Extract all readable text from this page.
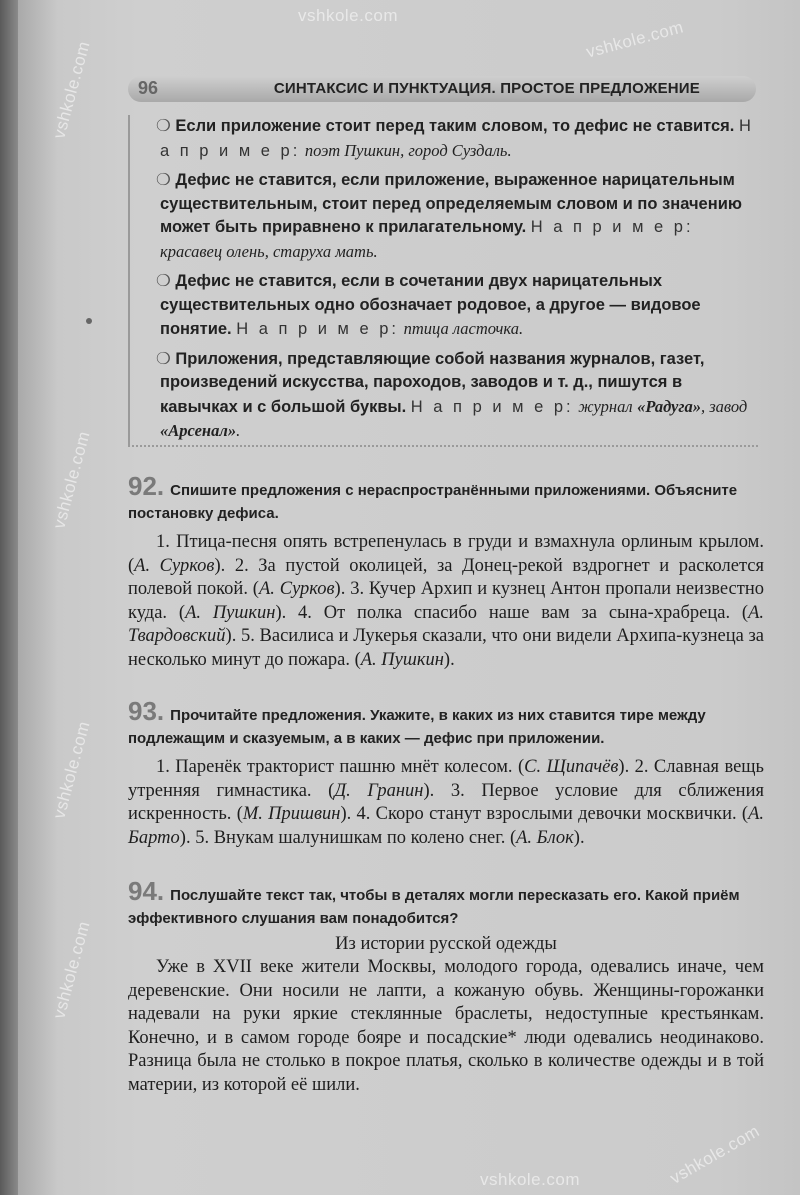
vshkole.com
vshkole.com
vshkole.com
vshkole.com
vshkole.com
vshkole.com
vshkole.com	vshkole.com
96	СИНТАКСИС И ПУНКТУАЦИЯ. ПРОСТОЕ ПРЕДЛОЖЕНИЕ

❍ Если приложение стоит перед таким словом, то дефис не ставится. Н а п р и м е р: поэт Пушкин, город Суздаль.

❍ Дефис не ставится, если приложение, выраженное нарицательным существительным, стоит перед определяемым словом и по значению может быть приравнено к прилагательному. Н а п р и м е р: красавец олень, старуха мать.

❍ Дефис не ставится, если в сочетании двух нарицательных существительных одно обозначает родовое, а другое — видовое понятие. Н а п р и м е р: птица ласточка.

❍ Приложения, представляющие собой названия журналов, газет, произведений искусства, пароходов, заводов и т. д., пишутся в кавычках и с большой буквы. Н а п р и м е р: журнал «Радуга», завод «Арсенал».

92. Спишите предложения с нераспространёнными приложениями. Объясните постановку дефиса.
1. Птица-песня опять встрепенулась в груди и взмахнула орлиным крылом. (А. Сурков). 2. За пустой околицей, за Донец-рекой вздрогнет и расколется полевой покой. (А. Сурков). 3. Кучер Архип и кузнец Антон пропали неизвестно куда. (А. Пушкин). 4. От полка спасибо наше вам за сына-храбреца. (А. Твардовский). 5. Василиса и Лукерья сказали, что они видели Архипа-кузнеца за несколько минут до пожара. (А. Пушкин).
93. Прочитайте предложения. Укажите, в каких из них ставится тире между подлежащим и сказуемым, а в каких — дефис при приложении.
1. Паренёк тракторист пашню мнёт колесом. (С. Щипачёв). 2. Славная вещь утренняя гимнастика. (Д. Гранин). 3. Первое условие для сближения искренность. (М. Пришвин). 4. Скоро станут взрослыми девочки москвички. (А. Барто). 5. Внукам шалунишкам по колено снег. (А. Блок).
94. Послушайте текст так, чтобы в деталях могли пересказать его. Какой приём эффективного слушания вам понадобится?
Из истории русской одежды
Уже в XVII веке жители Москвы, молодого города, одевались иначе, чем деревенские. Они носили не лапти, а кожаную обувь. Женщины-горожанки надевали на руки яркие стеклянные браслеты, недоступные крестьянкам. Конечно, и в самом городе бояре и посадские* люди одевались неодинаково. Разница была не столько в покрое платья, сколько в количестве одежды и в той материи, из которой её шили.
